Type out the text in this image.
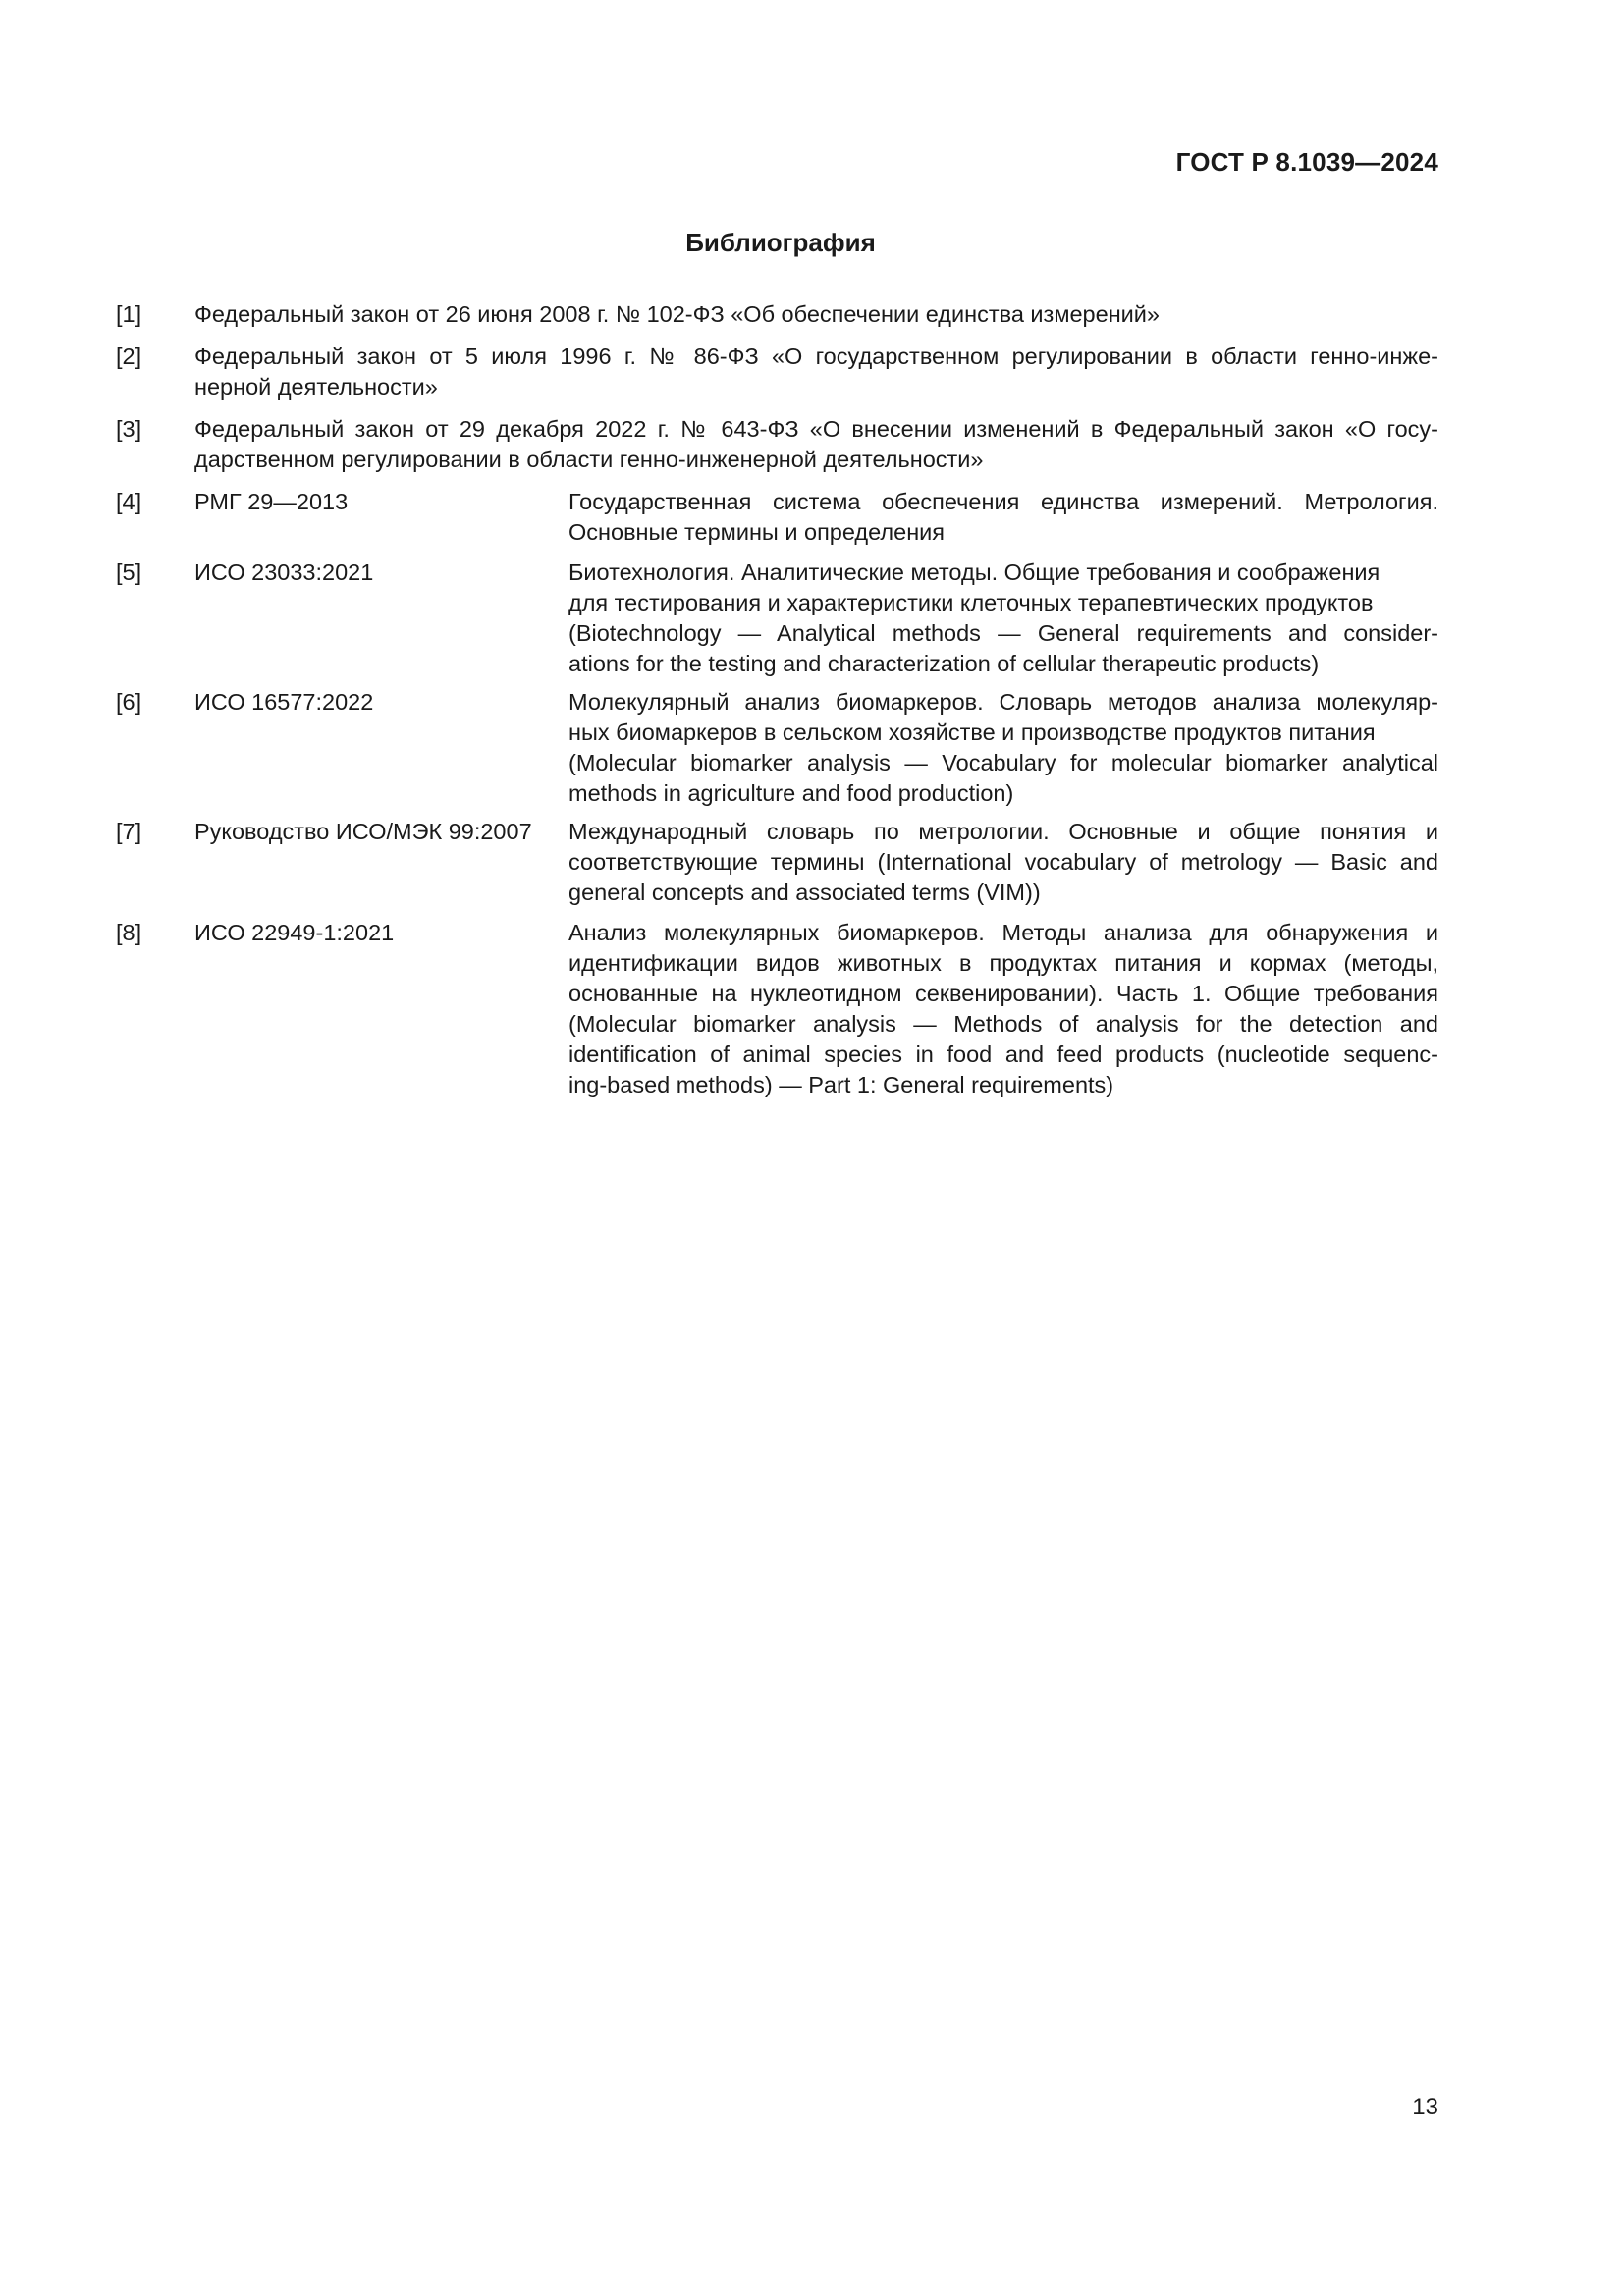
ГОСТ Р 8.1039—2024
Библиография
[1]	Федеральный закон от 26 июня 2008 г. № 102-ФЗ «Об обеспечении единства измерений»
[2]	Федеральный закон от 5 июля 1996 г. № 86-ФЗ «О государственном регулировании в области генно-инже-
нерной деятельности»
[3]	Федеральный закон от 29 декабря 2022 г. № 643-ФЗ «О внесении изменений в Федеральный закон «О госу-
дарственном регулировании в области генно-инженерной деятельности»
[4]	РМГ 29—2013	Государственная система обеспечения единства измерений. Метрология.
Основные термины и определения
[5]	ИСО 23033:2021	Биотехнология. Аналитические методы. Общие требования и соображения
для тестирования и характеристики клеточных терапевтических продуктов
(Biotechnology — Analytical methods — General requirements and consider-
ations for the testing and characterization of cellular therapeutic products)
[6]	ИСО 16577:2022	Молекулярный анализ биомаркеров. Словарь методов анализа молекуляр-
ных биомаркеров в сельском хозяйстве и производстве продуктов питания
(Molecular biomarker analysis — Vocabulary for molecular biomarker analytical
methods in agriculture and food production)
[7]	Руководство ИСО/МЭК 99:2007	Международный словарь по метрологии. Основные и общие понятия и
соответствующие термины (International vocabulary of metrology — Basic and
general concepts and associated terms (VIM))
[8]	ИСО 22949-1:2021	Анализ молекулярных биомаркеров. Методы анализа для обнаружения и
идентификации видов животных в продуктах питания и кормах (методы,
основанные на нуклеотидном секвенировании). Часть 1. Общие требования
(Molecular biomarker analysis — Methods of analysis for the detection and
identification of animal species in food and feed products (nucleotide sequenc-
ing-based methods) — Part 1: General requirements)
13
